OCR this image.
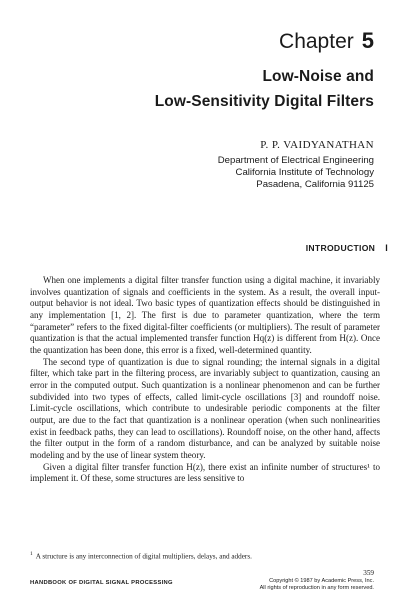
Chapter 5
Low-Noise and
Low-Sensitivity Digital Filters
P. P. VAIDYANATHAN
Department of Electrical Engineering
California Institute of Technology
Pasadena, California 91125
INTRODUCTION I

When one implements a digital filter transfer function using a digital machine, it invariably involves quantization of signals and coefficients in the system. As a result, the overall input-output behavior is not ideal. Two basic types of quantization effects should be distinguished in any implementation [1, 2]. The first is due to parameter quantization, where the term “parameter” refers to the fixed digital-filter coefficients (or multipliers). The result of parameter quantization is that the actual implemented transfer function Hq(z) is different from H(z). Once the quantization has been done, this error is a fixed, well-determined quantity.

The second type of quantization is due to signal rounding; the internal signals in a digital filter, which take part in the filtering process, are invariably subject to quantization, causing an error in the computed output. Such quantization is a nonlinear phenomenon and can be further subdivided into two types of effects, called limit-cycle oscillations [3] and roundoff noise. Limit-cycle oscillations, which contribute to undesirable periodic components at the filter output, are due to the fact that quantization is a nonlinear operation (when such nonlinearities exist in feedback paths, they can lead to oscillations). Roundoff noise, on the other hand, affects the filter output in the form of a random disturbance, and can be analyzed by suitable noise modeling and by the use of linear system theory.

Given a digital filter transfer function H(z), there exist an infinite number of structures¹ to implement it. Of these, some structures are less sensitive to

$^1$ A structure is any interconnection of digital multipliers, delays, and adders.
359
HANDBOOK OF DIGITAL SIGNAL PROCESSING	Copyright © 1987 by Academic Press, Inc.
All rights of reproduction in any form reserved.
